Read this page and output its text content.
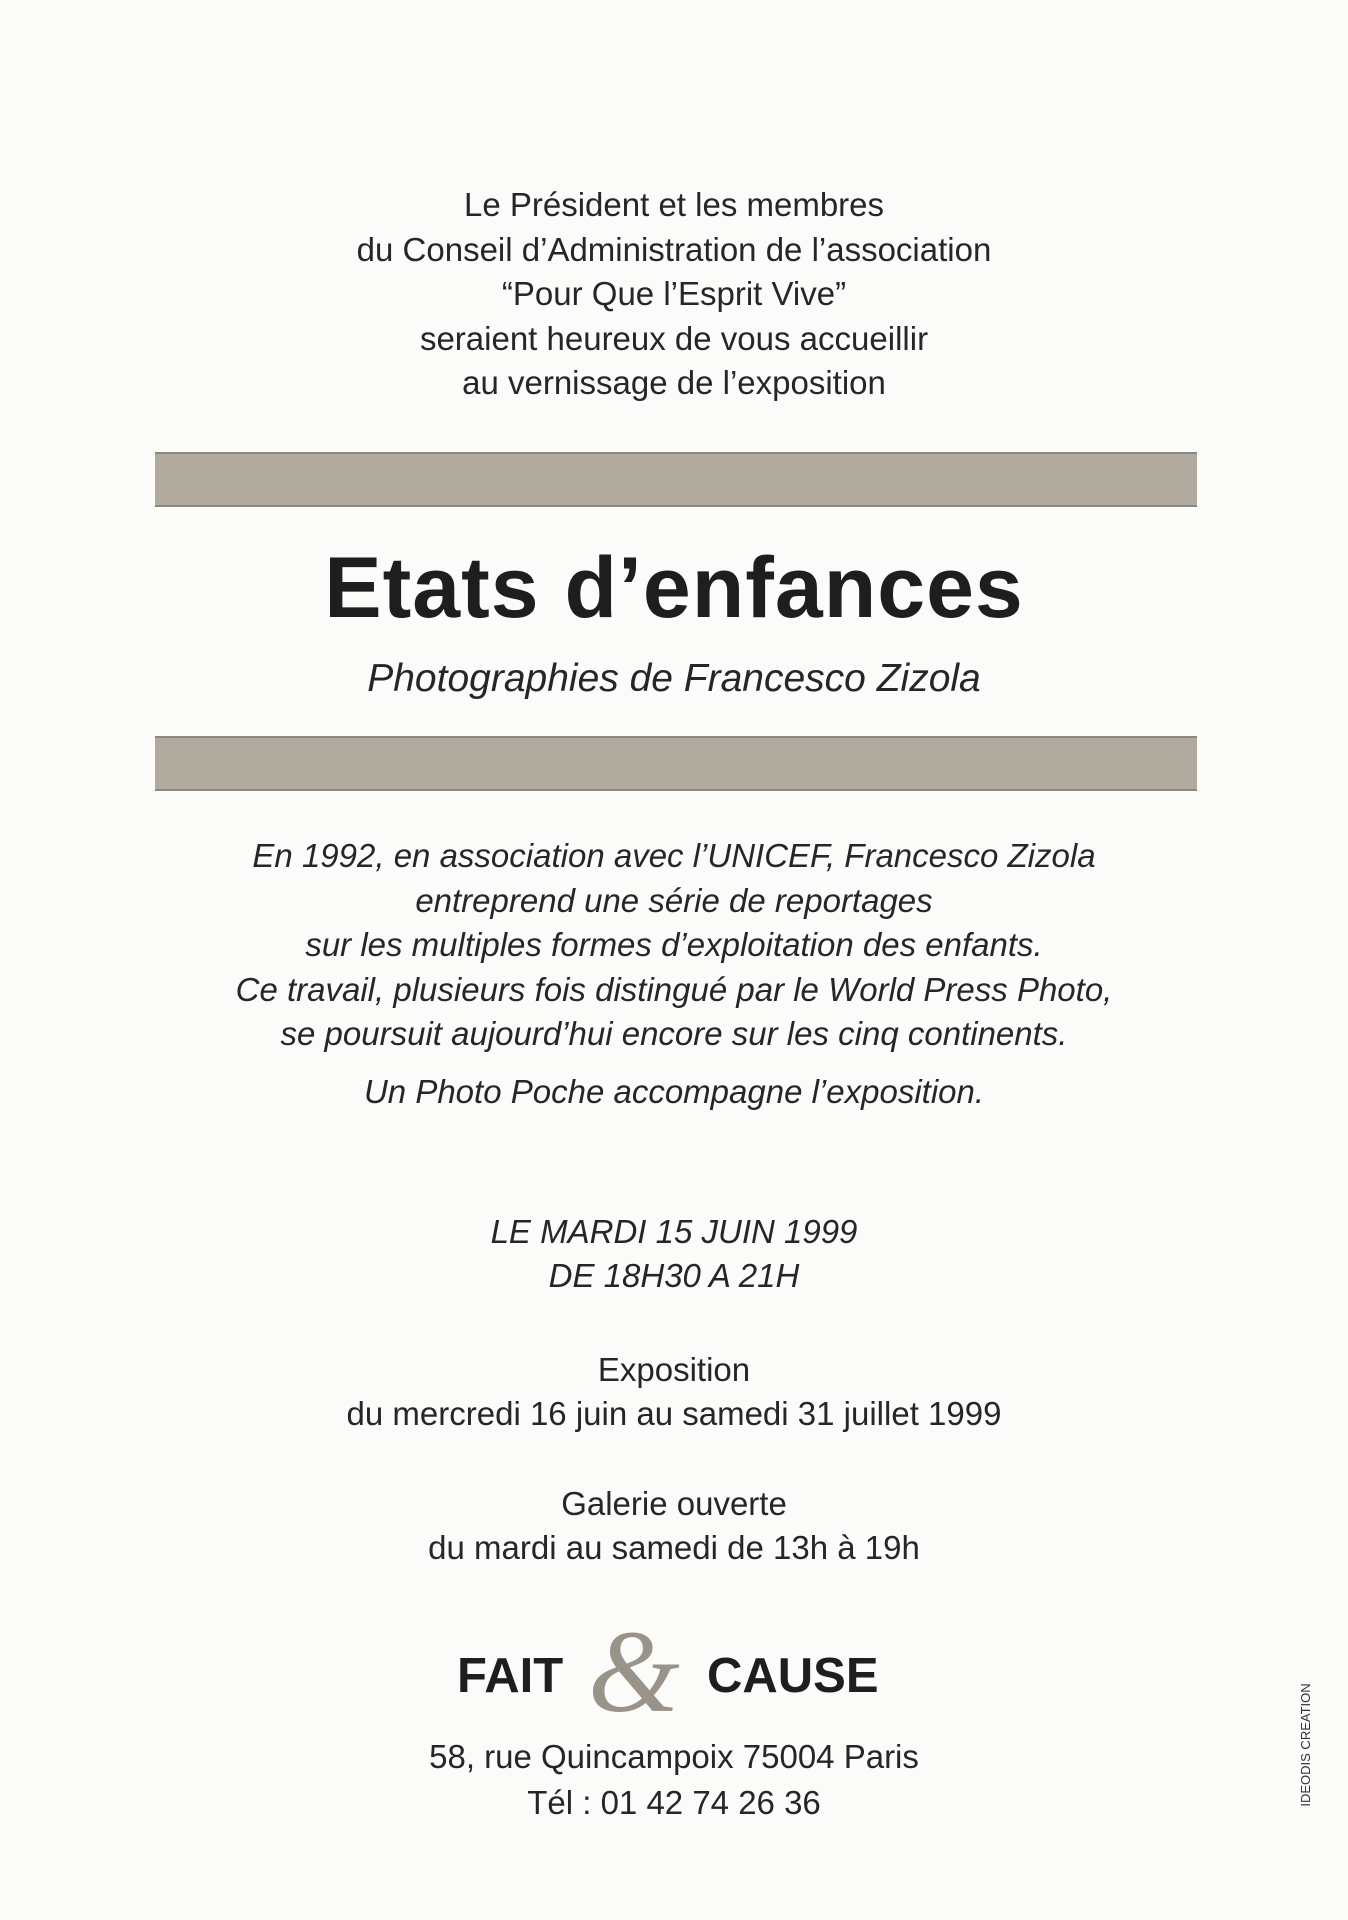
Le Président et les membres
du Conseil d’Administration de l’association
“Pour Que l’Esprit Vive”
seraient heureux de vous accueillir
au vernissage de l’exposition
Etats d’enfances
Photographies de Francesco Zizola
En 1992, en association avec l’UNICEF, Francesco Zizola
entreprend une série de reportages
sur les multiples formes d’exploitation des enfants.
Ce travail, plusieurs fois distingué par le World Press Photo,
se poursuit aujourd’hui encore sur les cinq continents.
Un Photo Poche accompagne l’exposition.
LE MARDI 15 JUIN 1999
DE 18H30 A 21H
Exposition
du mercredi 16 juin au samedi 31 juillet 1999
Galerie ouverte
du mardi au samedi de 13h à 19h
&
FAIT	CAUSE
58, rue Quincampoix 75004 Paris
Tél : 01 42 74 26 36	IDEODIS CREATION
